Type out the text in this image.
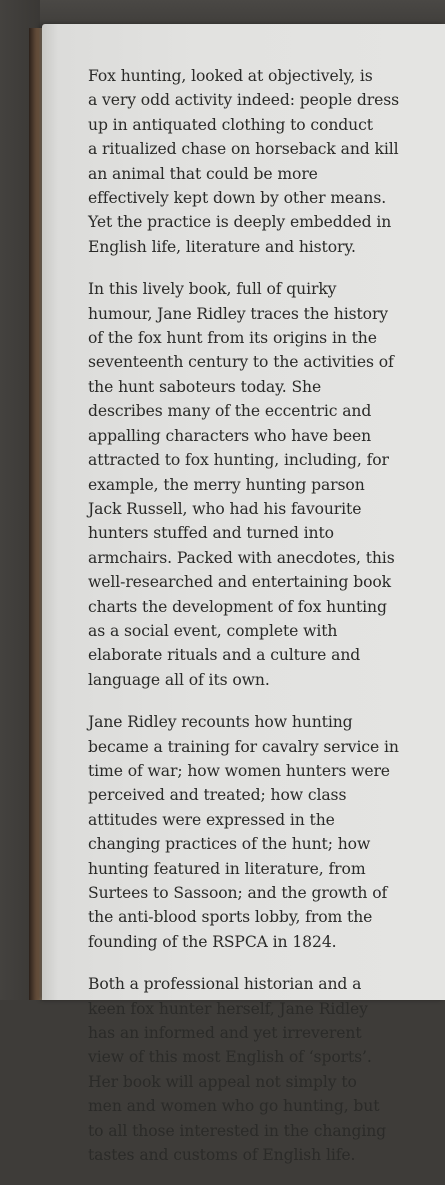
Fox hunting, looked at objectively, is
a very odd activity indeed: people dress
up in antiquated clothing to conduct
a ritualized chase on horseback and kill
an animal that could be more
effectively kept down by other means.
Yet the practice is deeply embedded in
English life, literature and history.

In this lively book, full of quirky
humour, Jane Ridley traces the history
of the fox hunt from its origins in the
seventeenth century to the activities of
the hunt saboteurs today. She
describes many of the eccentric and
appalling characters who have been
attracted to fox hunting, including, for
example, the merry hunting parson
Jack Russell, who had his favourite
hunters stuffed and turned into
armchairs. Packed with anecdotes, this
well-researched and entertaining book
charts the development of fox hunting
as a social event, complete with
elaborate rituals and a culture and
language all of its own.

Jane Ridley recounts how hunting
became a training for cavalry service in
time of war; how women hunters were
perceived and treated; how class
attitudes were expressed in the
changing practices of the hunt; how
hunting featured in literature, from
Surtees to Sassoon; and the growth of
the anti-blood sports lobby, from the
founding of the RSPCA in 1824.

Both a professional historian and a
keen fox hunter herself, Jane Ridley
has an informed and yet irreverent
view of this most English of ‘sports’.
Her book will appeal not simply to
men and women who go hunting, but
to all those interested in the changing
tastes and customs of English life.
